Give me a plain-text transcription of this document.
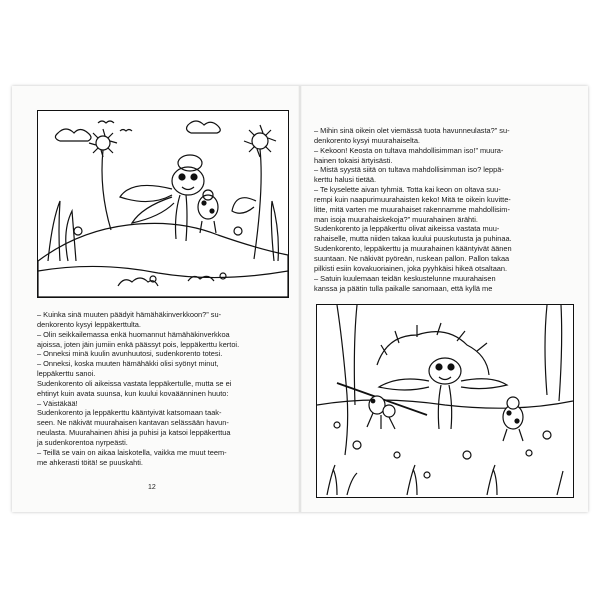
– Kuinka sinä muuten päädyit hämähäkinverkkoon?” su-

denkorento kysyi leppäkerttulta.

– Olin seikkailemassa enkä huomannut hämähäkinverkkoa

ajoissa, joten jäin jumiin enkä päässyt pois, leppäkerttu kertoi.

– Onneksi minä kuulin avunhuutosi, sudenkorento totesi.

– Onneksi, koska muuten hämähäkki olisi syönyt minut,

leppäkerttu sanoi.

Sudenkorento oli aikeissa vastata leppäkertulle, mutta se ei

ehtinyt kuin avata suunsa, kun kuului kovaäänninen huuto:

– Väistäkää!

Sudenkorento ja leppäkerttu kääntyivät katsomaan taak-

seen. Ne näkivät muurahaisen kantavan selässään havun-

neulasta. Muurahainen ähisi ja puhisi ja katsoi leppäkerttua

ja sudenkorentoa nyrpeästi.

– Teillä se vain on aikaa laiskotella, vaikka me muut teem-

me ahkerasti töitä! se puuskahti.

12

– Mihin sinä oikein olet viemässä tuota havunneulasta?” su-

denkorento kysyi muurahaiselta.

– Kekoon! Keosta on tultava mahdollisimman iso!” muura-

hainen tokaisi ärtyisästi.

– Mistä syystä siitä on tultava mahdollisimman iso? leppä-

kerttu halusi tietää.

– Te kyselette aivan tyhmiä. Totta kai keon on oltava suu-

rempi kuin naapurimuurahaisten keko! Mitä te oikein kuvitte-

litte, mitä varten me muurahaiset rakennamme mahdollisim-

man isoja muurahaiskekoja?” muurahainen ärähti.

Sudenkorento ja leppäkerttu olivat aikeissa vastata muu-

rahaiselle, mutta niiden takaa kuului puuskutusta ja puhinaa.

Sudenkorento, leppäkerttu ja muurahainen kääntyivät äänen

suuntaan. Ne näkivät pyöreän, ruskean pallon. Pallon takaa

pilkisti esiin kovakuoriainen, joka pyyhkäisi hikeä otsaltaan.

– Satuin kuulemaan teidän keskustelunne muurahaisen

kanssa ja päätin tulla paikalle sanomaan, että kyllä me
